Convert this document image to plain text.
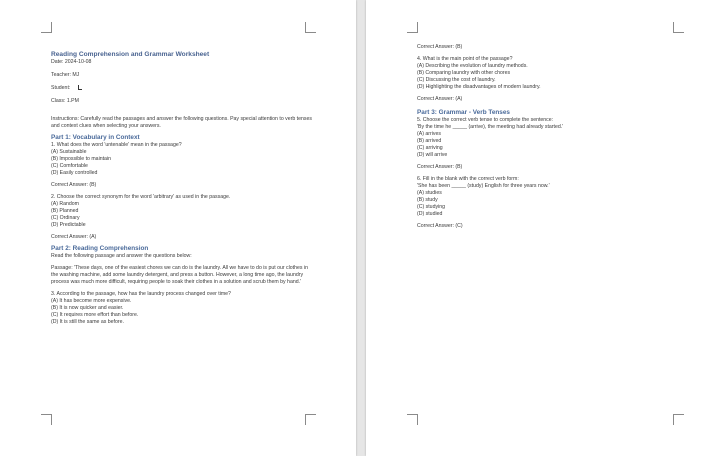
Reading Comprehension and Grammar Worksheet
Date: 2024-10-08
Teacher: MJ
Student:
Class: 1.PM
Instructions: Carefully read the passages and answer the following questions. Pay special attention to verb tenses and context clues when selecting your answers.
Part 1: Vocabulary in Context
1. What does the word 'untenable' mean in the passage?
(A) Sustainable
(B) Impossible to maintain
(C) Comfortable
(D) Easily controlled
Correct Answer: (B)
2. Choose the correct synonym for the word 'arbitrary' as used in the passage.
(A) Random
(B) Planned
(C) Ordinary
(D) Predictable
Correct Answer: (A)
Part 2: Reading Comprehension
Read the following passage and answer the questions below:
Passage: 'These days, one of the easiest chores we can do is the laundry. All we have to do is put our clothes in the washing machine, add some laundry detergent, and press a button. However, a long time ago, the laundry process was much more difficult, requiring people to soak their clothes in a solution and scrub them by hand.'
3. According to the passage, how has the laundry process changed over time?
(A) It has become more expensive.
(B) It is now quicker and easier.
(C) It requires more effort than before.
(D) It is still the same as before.
Correct Answer: (B)
4. What is the main point of the passage?
(A) Describing the evolution of laundry methods.
(B) Comparing laundry with other chores
(C) Discussing the cost of laundry.
(D) Highlighting the disadvantages of modern laundry.
Correct Answer: (A)
Part 3: Grammar - Verb Tenses
5. Choose the correct verb tense to complete the sentence:
'By the time he _____ (arrive), the meeting had already started.'
(A) arrives
(B) arrived
(C) arriving
(D) will arrive
Correct Answer: (B)
6. Fill in the blank with the correct verb form:
'She has been _____ (study) English for three years now.'
(A) studies
(B) study
(C) studying
(D) studied
Correct Answer: (C)
